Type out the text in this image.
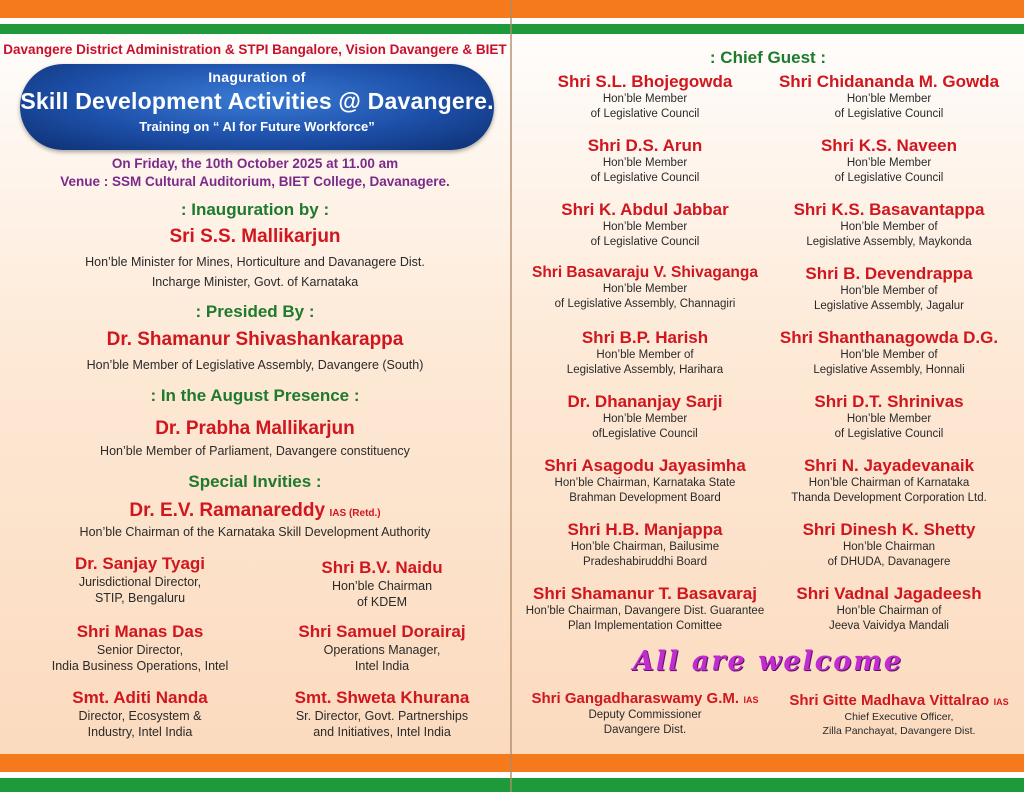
Davangere District Administration & STPI Bangalore, Vision Davangere & BIET
Inaguration of
Skill Development Activities @ Davangere.
Training on “ AI for Future Workforce”
On Friday, the 10th October 2025 at 11.00 am
Venue : SSM Cultural Auditorium, BIET College, Davanagere.
: Inauguration by :
Sri S.S. Mallikarjun
Hon’ble Minister for Mines, Horticulture and Davanagere Dist.
Incharge Minister, Govt. of Karnataka
: Presided By :
Dr. Shamanur Shivashankarappa
Hon’ble Member of Legislative Assembly, Davangere (South)
: In the August Presence :
Dr. Prabha Mallikarjun
Hon’ble Member of Parliament, Davangere constituency
Special Invities :
Dr. E.V. Ramanareddy IAS (Retd.)
Hon’ble Chairman of the Karnataka Skill Development Authority
Dr. Sanjay Tyagi
Jurisdictional Director,
STIP, Bengaluru
Shri B.V. Naidu
Hon’ble Chairman
of KDEM
Shri Manas Das
Senior Director,
India Business Operations, Intel
Shri Samuel Dorairaj
Operations Manager,
Intel India
Smt. Aditi Nanda
Director, Ecosystem &
Industry, Intel India
Smt. Shweta Khurana
Sr. Director, Govt. Partnerships
and Initiatives, Intel India
: Chief Guest :
Shri S.L. Bhojegowda
Hon’ble Member
of Legislative Council
Shri Chidananda M. Gowda
Hon’ble Member
of Legislative Council
Shri D.S. Arun
Hon’ble Member
of Legislative Council
Shri K.S. Naveen
Hon’ble Member
of Legislative Council
Shri K. Abdul Jabbar
Hon’ble Member
of Legislative Council
Shri K.S. Basavantappa
Hon’ble Member of
Legislative Assembly, Maykonda
Shri Basavaraju V. Shivaganga
Hon’ble Member
of Legislative Assembly, Channagiri
Shri B. Devendrappa
Hon’ble Member of
Legislative Assembly, Jagalur
Shri B.P. Harish
Hon’ble Member of
Legislative Assembly, Harihara
Shri Shanthanagowda D.G.
Hon’ble Member of
Legislative Assembly, Honnali
Dr. Dhananjay Sarji
Hon’ble Member
ofLegislative Council
Shri D.T. Shrinivas
Hon’ble Member
of Legislative Council
Shri Asagodu Jayasimha
Hon’ble Chairman, Karnataka State
Brahman Development Board
Shri N. Jayadevanaik
Hon’ble Chairman of Karnataka
Thanda Development Corporation Ltd.
Shri H.B. Manjappa
Hon’ble Chairman, Bailusime
Pradeshabiruddhi Board
Shri Dinesh K. Shetty
Hon’ble Chairman
of DHUDA, Davanagere
Shri Shamanur T. Basavaraj
Hon’ble Chairman, Davangere Dist. Guarantee
Plan Implementation Comittee
Shri Vadnal Jagadeesh
Hon’ble Chairman of
Jeeva Vaividya Mandali
All are welcome
Shri Gangadharaswamy G.M. IAS
Deputy Commissioner
Davangere Dist.
Shri Gitte Madhava Vittalrao IAS
Chief Executive Officer,
Zilla Panchayat, Davangere Dist.
